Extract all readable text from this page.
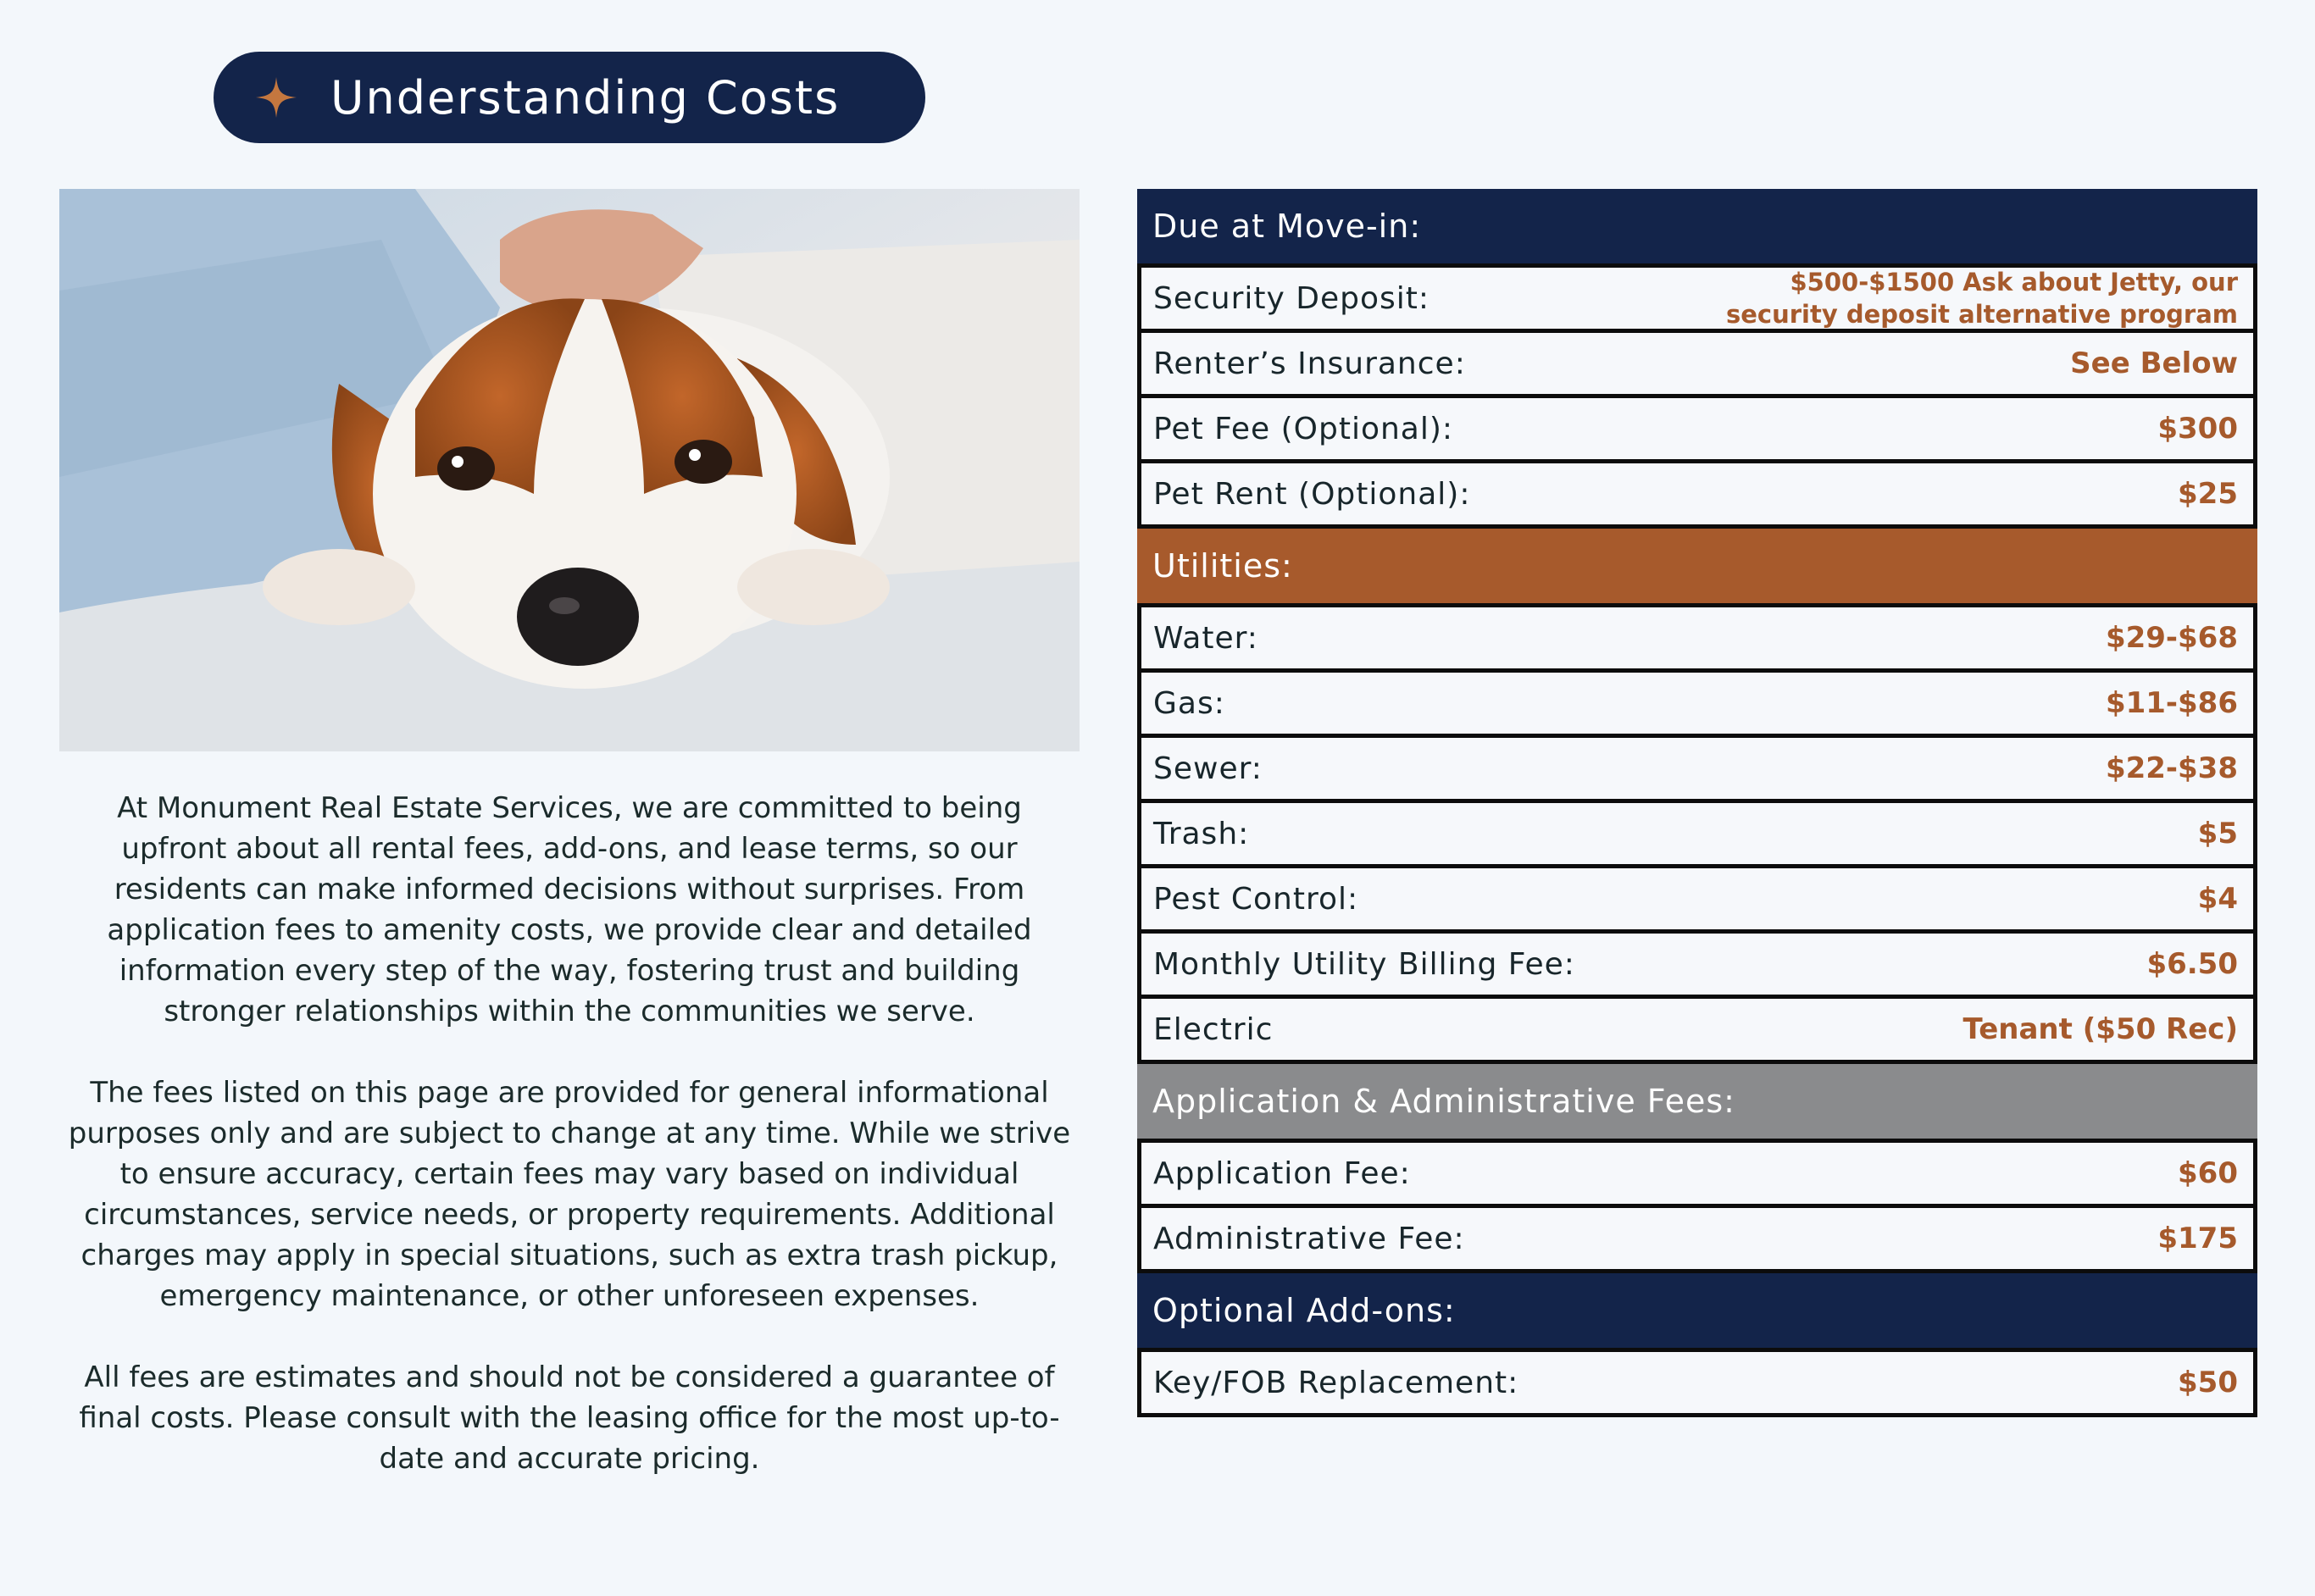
Understanding Costs

At Monument Real Estate Services, we are committed to being upfront about all rental fees, add-ons, and lease terms, so our residents can make informed decisions without surprises. From application fees to amenity costs, we provide clear and detailed information every step of the way, fostering trust and building stronger relationships within the communities we serve.

The fees listed on this page are provided for general informational purposes only and are subject to change at any time. While we strive to ensure accuracy, certain fees may vary based on individual circumstances, service needs, or property requirements. Additional charges may apply in special situations, such as extra trash pickup, emergency maintenance, or other unforeseen expenses.

All fees are estimates and should not be considered a guarantee of final costs. Please consult with the leasing office for the most up-to-date and accurate pricing.

Due at Move-in:
Security Deposit:	$500-$1500 Ask about Jetty, our security deposit alternative program
Renter’s Insurance:	See Below
Pet Fee (Optional):	$300
Pet Rent (Optional):	$25
Utilities:
Water:	$29-$68
Gas:	$11-$86
Sewer:	$22-$38
Trash:	$5
Pest Control:	$4
Monthly Utility Billing Fee:	$6.50
Electric	Tenant ($50 Rec)
Application & Administrative Fees:
Application Fee:	$60
Administrative Fee:	$175
Optional Add-ons:
Key/FOB Replacement:	$50
